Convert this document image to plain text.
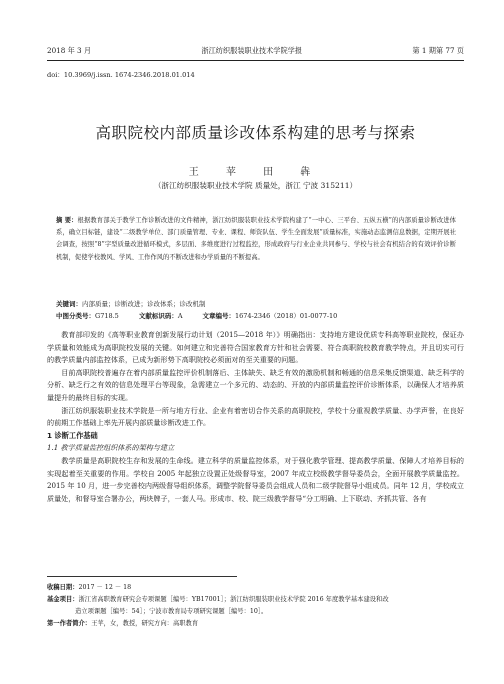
2018 年 3 月	浙江纺织服装职业技术学院学报	第 1 期第 77 页
doi：10.3969/j.issn. 1674-2346.2018.01.014
高职院校内部质量诊改体系构建的思考与探索
王 苹 田 犇
（浙江纺织服装职业技术学院 质量处，浙江 宁波 315211）
摘 要：根据教育部关于教学工作诊断改进的文件精神，浙江纺织服装职业技术学院构建了“一中心、三平台、五纵五横”的内部质量诊断改进体系，确立目标链，建设“二级教学单位、部门质量管理、专业、课程、师资队伍、学生全面发展”质量标准，实施动态监测信息数据，定期开展社会调查，按照“8”字型质量改进循环模式，多层面、多维度进行过程监控，形成政府与行业企业共同参与、学校与社会有机结合的有效评价诊断机制，促使学校教风、学风、工作作风的不断改进和办学质量的不断提高。
关键词：内部质量；诊断改进；诊改体系；诊改机制
中图分类号：G718.5	文献标识码：A	文章编号：1674-2346（2018）01-0077-10

教育部印发的《高等职业教育创新发展行动计划（2015—2018 年）》明确指出：支持地方建设优质专科高等职业院校，保证办学质量和效能成为高职院校发展的关键。如何建立和完善符合国家教育方针和社会需要、符合高职院校教育教学特点，并且切实可行的教学质量内部监控体系，已成为新形势下高职院校必须面对的至关重要的问题。

目前高职院校普遍存在着内部质量监控评价机制落后、主体缺失、缺乏有效的激励机制和畅通的信息采集反馈渠道、缺乏科学的分析、缺乏行之有效的信息处理平台等现象，急需建立一个多元的、动态的、开放的内部质量监控评价诊断体系，以确保人才培养质量提升的最终目标的实现。

浙江纺织服装职业技术学院是一所与地方行业、企业有着密切合作关系的高职院校，学校十分重视教学质量、办学声誉，在良好的前期工作基础上率先开展内部质量诊断改进工作。

1 诊断工作基础
1.1 教学质量监控组织体系的架构与建立

教学质量是高职院校生存和发展的生命线。建立科学的质量监控体系，对于强化教学管理、提高教学质量、保障人才培养目标的实现起着至关重要的作用。学校自 2005 年起独立设置正处级督导室，2007 年成立校级教学督导委员会，全面开展教学质量监控。2015 年 10 月，进一步完善校内两级督导组织体系，调整学院督导委员会组成人员和二级学院督导小组成员。同年 12 月，学校成立质量处，和督导室合署办公，两块牌子，一套人马。形成市、校、院三级教学督导“分工明确、上下联动、齐抓共管、各有

收稿日期：2017 － 12 － 18
基金项目：浙江省高职教育研究会专项课题［编号：YB17001］；浙江纺织服装职业技术学院 2016 年度教学基本建设和改
造立项课题［编号：54］；宁波市教育局专项研究课题［编号：10］。
第一作者简介：王苹，女，教授，研究方向：高职教育
